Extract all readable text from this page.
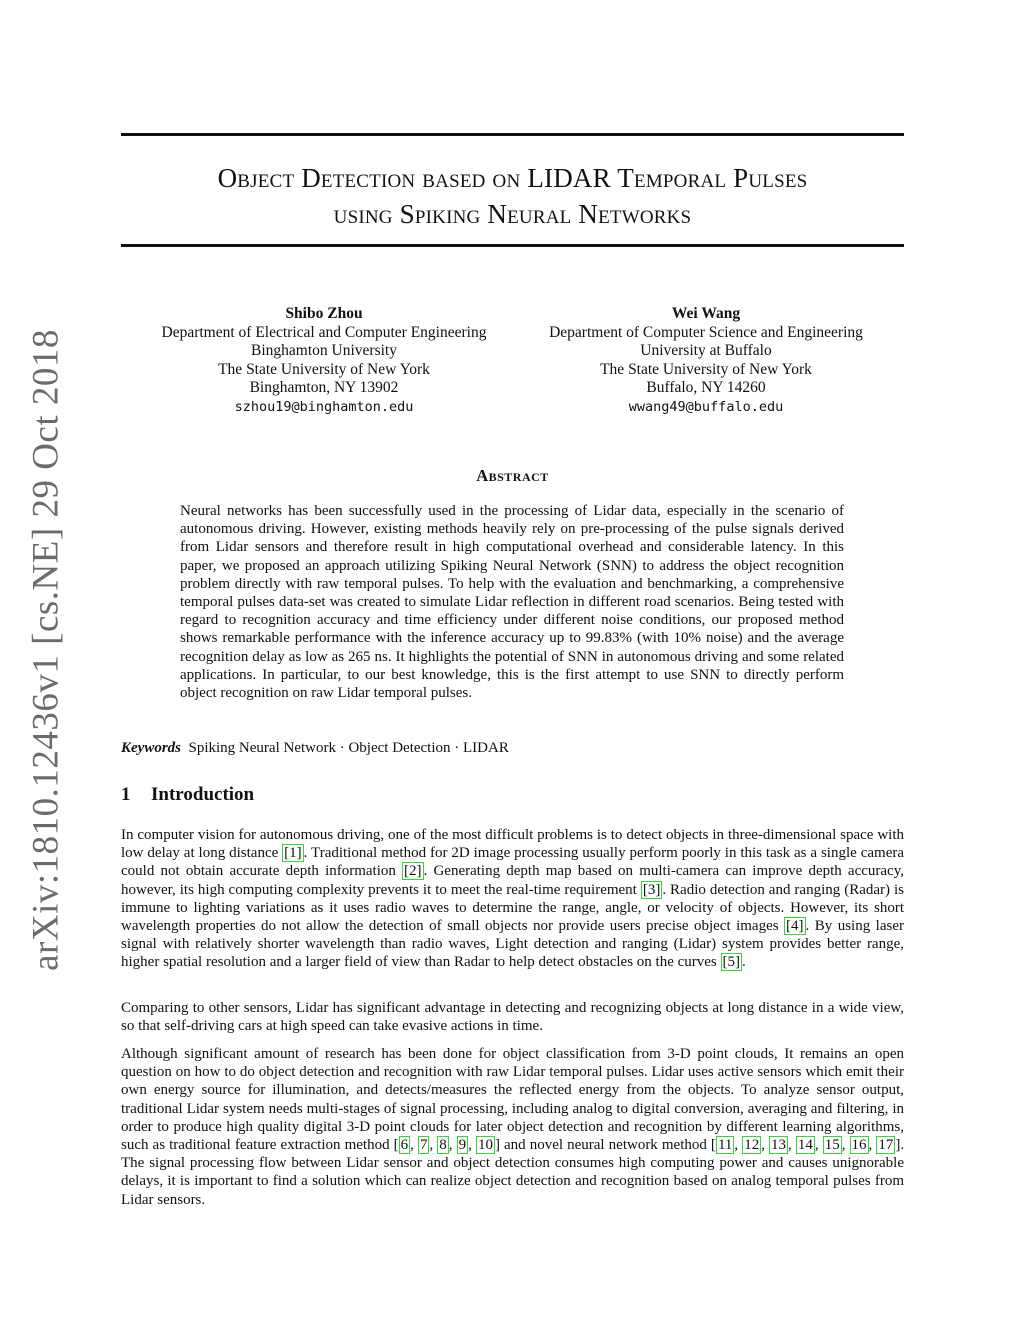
arXiv:1810.12436v1 [cs.NE] 29 Oct 2018
Object Detection based on LIDAR Temporal Pulses
using Spiking Neural Networks
Shibo Zhou
Department of Electrical and Computer Engineering
Binghamton University
The State University of New York
Binghamton, NY 13902
szhou19@binghamton.edu
Wei Wang
Department of Computer Science and Engineering
University at Buffalo
The State University of New York
Buffalo, NY 14260
wwang49@buffalo.edu
Abstract
Neural networks has been successfully used in the processing of Lidar data, especially in the scenario of autonomous driving. However, existing methods heavily rely on pre-processing of the pulse signals derived from Lidar sensors and therefore result in high computational overhead and considerable latency. In this paper, we proposed an approach utilizing Spiking Neural Network (SNN) to address the object recognition problem directly with raw temporal pulses. To help with the evaluation and benchmarking, a comprehensive temporal pulses data-set was created to simulate Lidar reflection in different road scenarios. Being tested with regard to recognition accuracy and time efficiency under different noise conditions, our proposed method shows remarkable performance with the inference accuracy up to 99.83% (with 10% noise) and the average recognition delay as low as 265 ns. It highlights the potential of SNN in autonomous driving and some related applications. In particular, to our best knowledge, this is the first attempt to use SNN to directly perform object recognition on raw Lidar temporal pulses.
Keywords Spiking Neural Network · Object Detection · LIDAR
1 Introduction
In computer vision for autonomous driving, one of the most difficult problems is to detect objects in three-dimensional space with low delay at long distance [1] . Traditional method for 2D image processing usually perform poorly in this task as a single camera could not obtain accurate depth information [2] . Generating depth map based on multi-camera can improve depth accuracy, however, its high computing complexity prevents it to meet the real-time requirement [3] . Radio detection and ranging (Radar) is immune to lighting variations as it uses radio waves to determine the range, angle, or velocity of objects. However, its short wavelength properties do not allow the detection of small objects nor provide users precise object images [4] . By using laser signal with relatively shorter wavelength than radio waves, Light detection and ranging (Lidar) system provides better range, higher spatial resolution and a larger field of view than Radar to help detect obstacles on the curves [5] .
Comparing to other sensors, Lidar has significant advantage in detecting and recognizing objects at long distance in a wide view, so that self-driving cars at high speed can take evasive actions in time.
Although significant amount of research has been done for object classification from 3-D point clouds, It remains an open question on how to do object detection and recognition with raw Lidar temporal pulses. Lidar uses active sensors which emit their own energy source for illumination, and detects/measures the reflected energy from the objects. To analyze sensor output, traditional Lidar system needs multi-stages of signal processing, including analog to digital conversion, averaging and filtering, in order to produce high quality digital 3-D point clouds for later object detection and recognition by different learning algorithms, such as traditional feature extraction method [ 6 , 7 , 8 , 9 , 10 ] and novel neural network method [ 11 , 12 , 13 , 14 , 15 , 16 , 17 ]. The signal processing flow between Lidar sensor and object detection consumes high computing power and causes unignorable delays, it is important to find a solution which can realize object detection and recognition based on analog temporal pulses from Lidar sensors.
